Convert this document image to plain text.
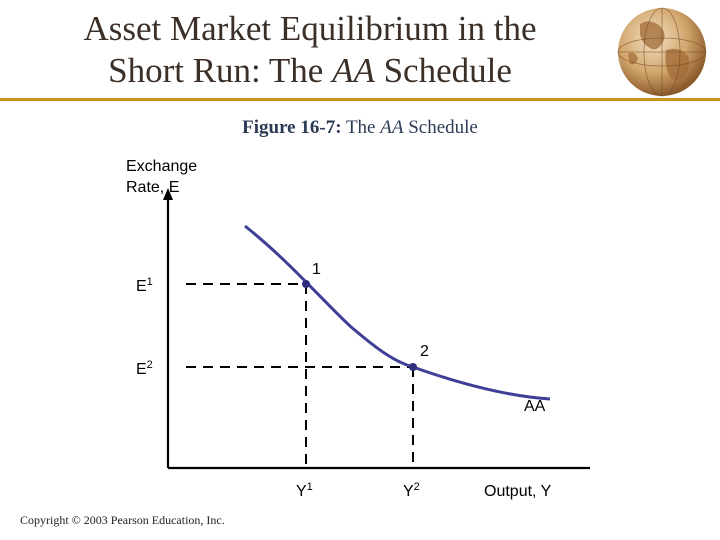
Asset Market Equilibrium in the
Short Run: The AA Schedule
Figure 16-7: The AA Schedule
Exchange
Rate, E
Output, Y
$E^1$
$E^2$
$Y^1$	$Y^2$
1
2
AA
Copyright © 2003 Pearson Education, Inc.
